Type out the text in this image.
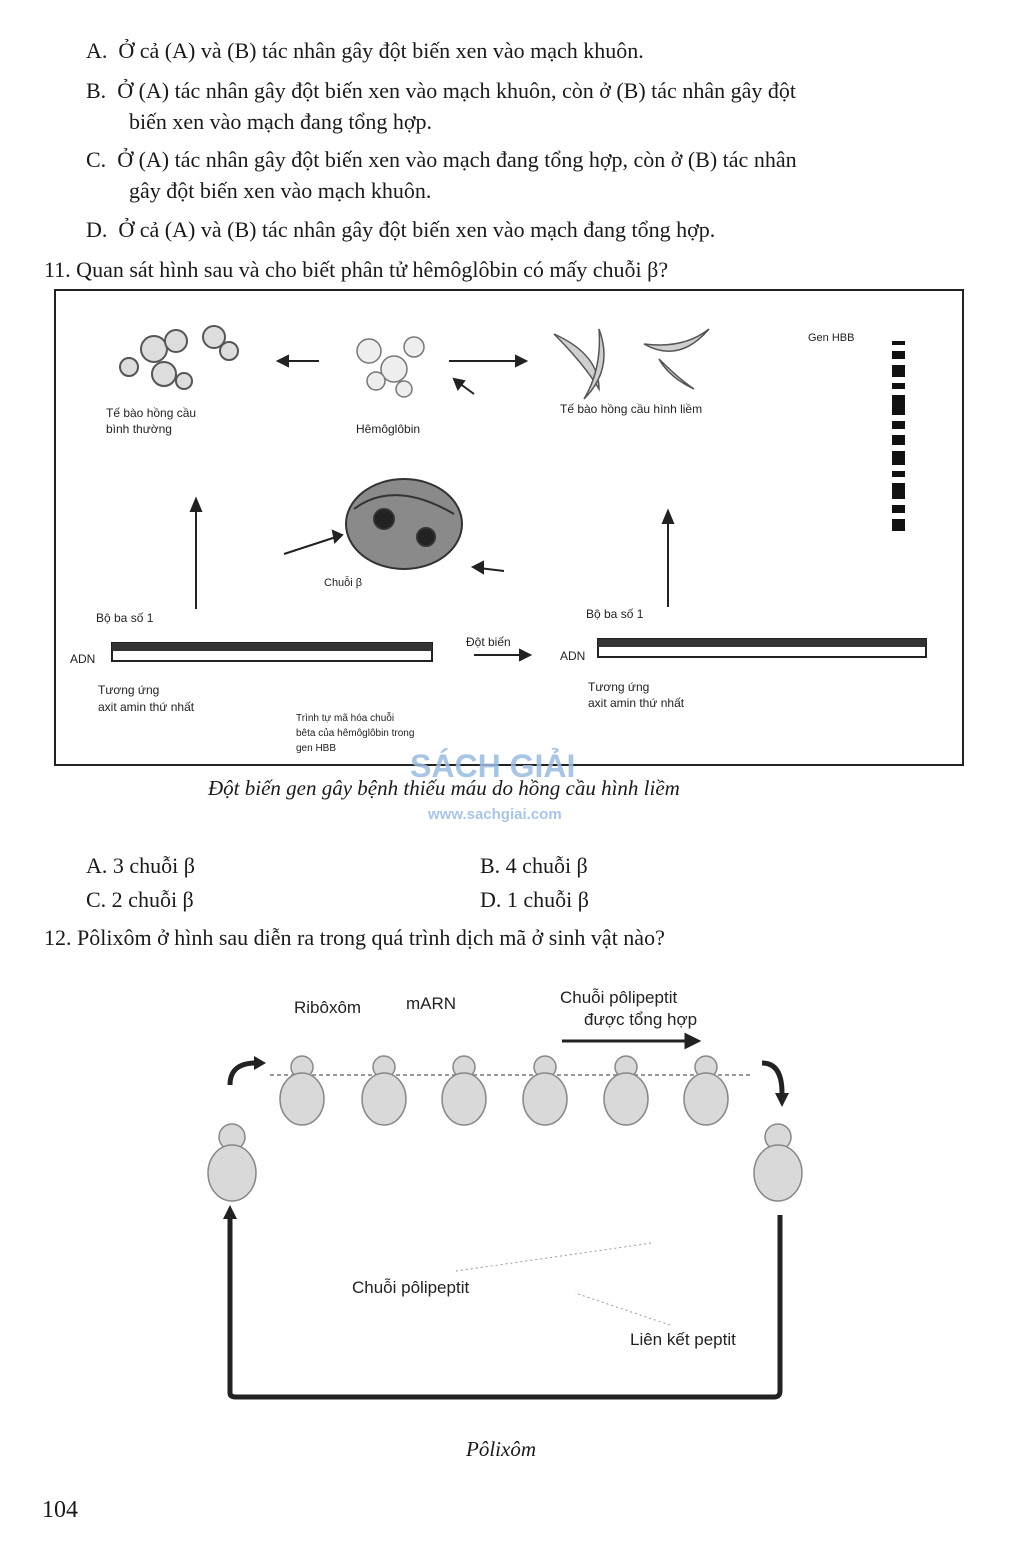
A. Ở cả (A) và (B) tác nhân gây đột biến xen vào mạch khuôn.
B. Ở (A) tác nhân gây đột biến xen vào mạch khuôn, còn ở (B) tác nhân gây đột
biến xen vào mạch đang tổng hợp.
C. Ở (A) tác nhân gây đột biến xen vào mạch đang tổng hợp, còn ở (B) tác nhân
gây đột biến xen vào mạch khuôn.
D. Ở cả (A) và (B) tác nhân gây đột biến xen vào mạch đang tổng hợp.
11. Quan sát hình sau và cho biết phân tử hêmôglôbin có mấy chuỗi β?
Tế bào hồng cầu bình thường	Hêmôglôbin
Tế bào hồng cầu hình liềm
Gen HBB
Chuỗi β
Bộ ba số 1
ADN
Tương ứng axit amin thứ nhất
Trình tự mã hóa chuỗi bêta của hêmôglôbin trong gen HBB
Đột biến
Bộ ba số 1
ADN
Tương ứng axit amin thứ nhất
SÁCH GIẢI
www.sachgiai.com
Đột biến gen gây bệnh thiếu máu do hồng cầu hình liềm
A. 3 chuỗi β	B. 4 chuỗi β
C. 2 chuỗi β	D. 1 chuỗi β
12. Pôlixôm ở hình sau diễn ra trong quá trình dịch mã ở sinh vật nào?
Ribôxôm	mARN	Chuỗi pôlipeptit được tổng hợp
Chuỗi pôlipeptit
Liên kết peptit
Pôlixôm
104
